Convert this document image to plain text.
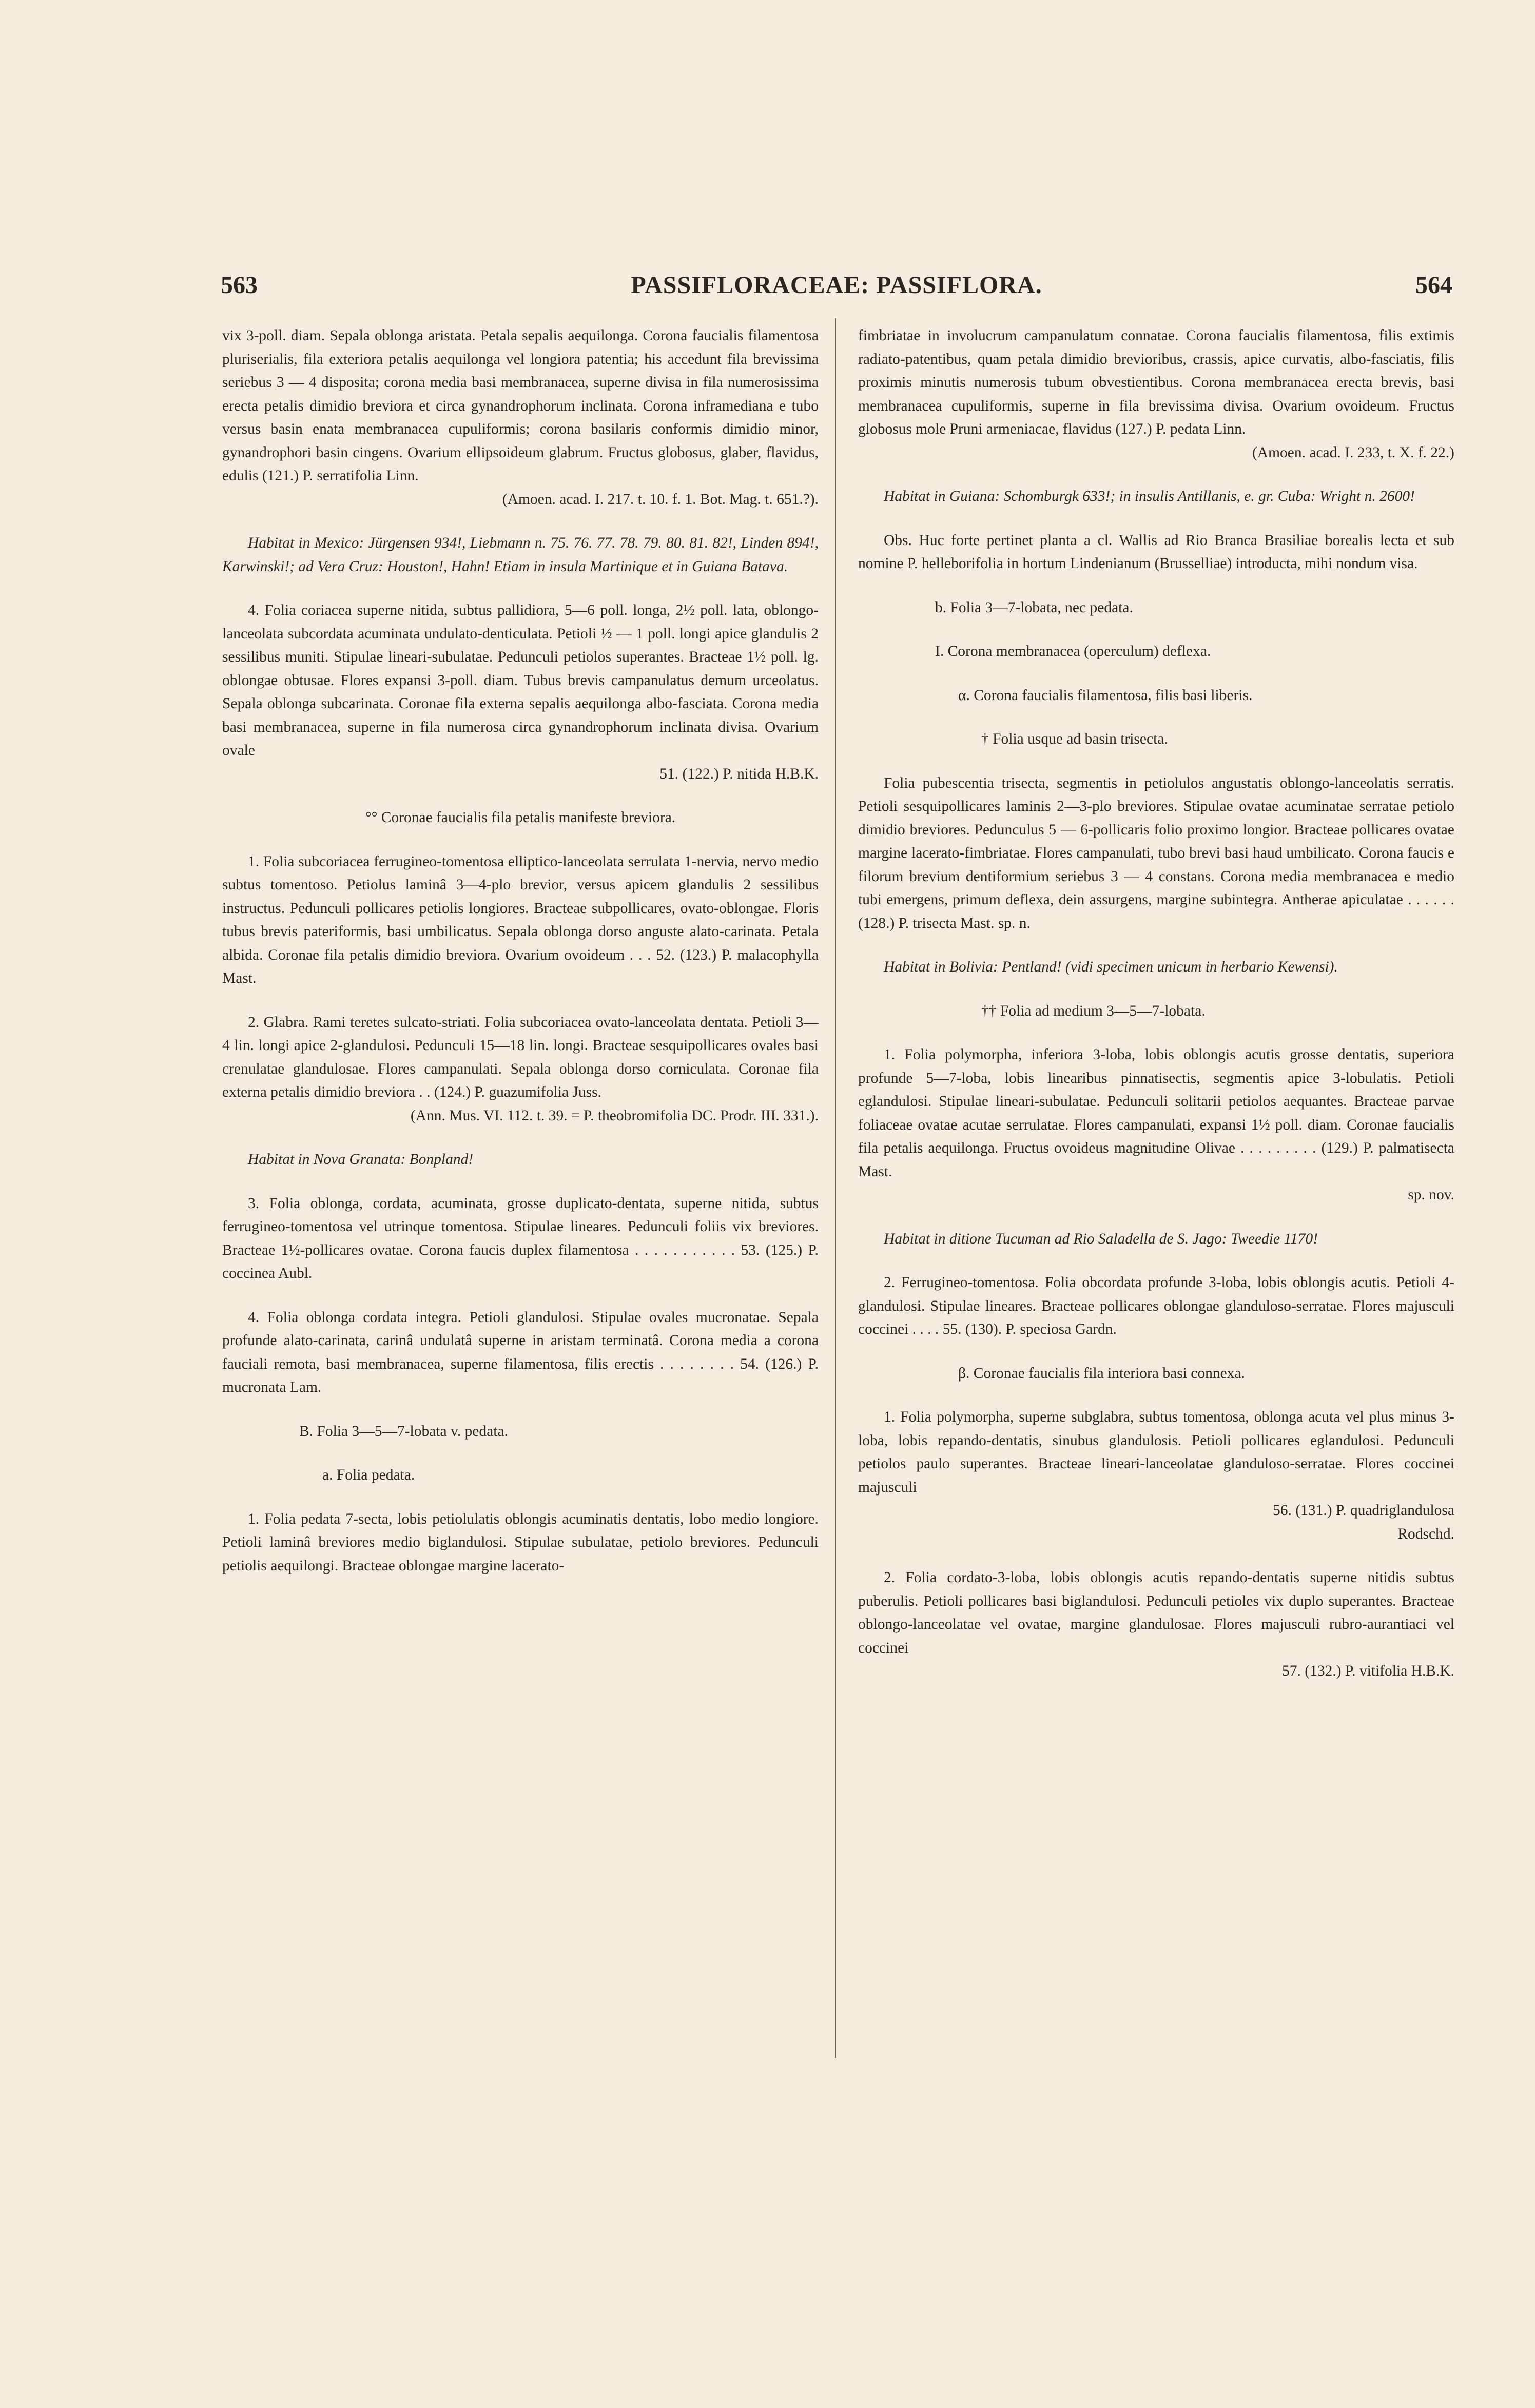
563	PASSIFLORACEAE: PASSIFLORA.	564

vix 3-poll. diam. Sepala oblonga aristata. Petala sepalis aequilonga. Corona faucialis filamentosa pluriserialis, fila exteriora petalis aequilonga vel longiora patentia; his accedunt fila brevissima seriebus 3 — 4 disposita; corona media basi membranacea, superne divisa in fila numerosissima erecta petalis dimidio breviora et circa gynandrophorum inclinata. Corona inframediana e tubo versus basin enata membranacea cupuliformis; corona basilaris conformis dimidio minor, gynandrophori basin cingens. Ovarium ellipsoideum glabrum. Fructus globosus, glaber, flavidus, edulis (121.) P. serratifolia Linn.

(Amoen. acad. I. 217. t. 10. f. 1. Bot. Mag. t. 651.?).

Habitat in Mexico: Jürgensen 934!, Liebmann n. 75. 76. 77. 78. 79. 80. 81. 82!, Linden 894!, Karwinski!; ad Vera Cruz: Houston!, Hahn! Etiam in insula Martinique et in Guiana Batava.

4. Folia coriacea superne nitida, subtus pallidiora, 5—6 poll. longa, 2½ poll. lata, oblongo-lanceolata subcordata acuminata undulato-denticulata. Petioli ½ — 1 poll. longi apice glandulis 2 sessilibus muniti. Stipulae lineari-subulatae. Pedunculi petiolos superantes. Bracteae 1½ poll. lg. oblongae obtusae. Flores expansi 3-poll. diam. Tubus brevis campanulatus demum urceolatus. Sepala oblonga subcarinata. Coronae fila externa sepalis aequilonga albo-fasciata. Corona media basi membranacea, superne in fila numerosa circa gynandrophorum inclinata divisa. Ovarium ovale

51. (122.) P. nitida H.B.K.

°° Coronae faucialis fila petalis manifeste breviora.

1. Folia subcoriacea ferrugineo-tomentosa elliptico-lanceolata serrulata 1-nervia, nervo medio subtus tomentoso. Petiolus laminâ 3—4-plo brevior, versus apicem glandulis 2 sessilibus instructus. Pedunculi pollicares petiolis longiores. Bracteae subpollicares, ovato-oblongae. Floris tubus brevis pateriformis, basi umbilicatus. Sepala oblonga dorso anguste alato-carinata. Petala albida. Coronae fila petalis dimidio breviora. Ovarium ovoideum . . . 52. (123.) P. malacophylla Mast.

2. Glabra. Rami teretes sulcato-striati. Folia subcoriacea ovato-lanceolata dentata. Petioli 3—4 lin. longi apice 2-glandulosi. Pedunculi 15—18 lin. longi. Bracteae sesquipollicares ovales basi crenulatae glandulosae. Flores campanulati. Sepala oblonga dorso corniculata. Coronae fila externa petalis dimidio breviora . . (124.) P. guazumifolia Juss.

(Ann. Mus. VI. 112. t. 39. = P. theobromifolia DC. Prodr. III. 331.).

Habitat in Nova Granata: Bonpland!

3. Folia oblonga, cordata, acuminata, grosse duplicato-dentata, superne nitida, subtus ferrugineo-tomentosa vel utrinque tomentosa. Stipulae lineares. Pedunculi foliis vix breviores. Bracteae 1½-pollicares ovatae. Corona faucis duplex filamentosa . . . . . . . . . . . 53. (125.) P. coccinea Aubl.

4. Folia oblonga cordata integra. Petioli glandulosi. Stipulae ovales mucronatae. Sepala profunde alato-carinata, carinâ undulatâ superne in aristam terminatâ. Corona media a corona fauciali remota, basi membranacea, superne filamentosa, filis erectis . . . . . . . . 54. (126.) P. mucronata Lam.

B. Folia 3—5—7-lobata v. pedata.

a. Folia pedata.

1. Folia pedata 7-secta, lobis petiolulatis oblongis acuminatis dentatis, lobo medio longiore. Petioli laminâ breviores medio biglandulosi. Stipulae subulatae, petiolo breviores. Pedunculi petiolis aequilongi. Bracteae oblongae margine lacerato-

fimbriatae in involucrum campanulatum connatae. Corona faucialis filamentosa, filis extimis radiato-patentibus, quam petala dimidio brevioribus, crassis, apice curvatis, albo-fasciatis, filis proximis minutis numerosis tubum obvestientibus. Corona membranacea erecta brevis, basi membranacea cupuliformis, superne in fila brevissima divisa. Ovarium ovoideum. Fructus globosus mole Pruni armeniacae, flavidus (127.) P. pedata Linn.

(Amoen. acad. I. 233, t. X. f. 22.)

Habitat in Guiana: Schomburgk 633!; in insulis Antillanis, e. gr. Cuba: Wright n. 2600!

Obs. Huc forte pertinet planta a cl. Wallis ad Rio Branca Brasiliae borealis lecta et sub nomine P. helleborifolia in hortum Lindenianum (Brusselliae) introducta, mihi nondum visa.

b. Folia 3—7-lobata, nec pedata.

I. Corona membranacea (operculum) deflexa.

α. Corona faucialis filamentosa, filis basi liberis.

† Folia usque ad basin trisecta.

Folia pubescentia trisecta, segmentis in petiolulos angustatis oblongo-lanceolatis serratis. Petioli sesquipollicares laminis 2—3-plo breviores. Stipulae ovatae acuminatae serratae petiolo dimidio breviores. Pedunculus 5 — 6-pollicaris folio proximo longior. Bracteae pollicares ovatae margine lacerato-fimbriatae. Flores campanulati, tubo brevi basi haud umbilicato. Corona faucis e filorum brevium dentiformium seriebus 3 — 4 constans. Corona media membranacea e medio tubi emergens, primum deflexa, dein assurgens, margine subintegra. Antherae apiculatae . . . . . . (128.) P. trisecta Mast. sp. n.

Habitat in Bolivia: Pentland! (vidi specimen unicum in herbario Kewensi).

†† Folia ad medium 3—5—7-lobata.

1. Folia polymorpha, inferiora 3-loba, lobis oblongis acutis grosse dentatis, superiora profunde 5—7-loba, lobis linearibus pinnatisectis, segmentis apice 3-lobulatis. Petioli eglandulosi. Stipulae lineari-subulatae. Pedunculi solitarii petiolos aequantes. Bracteae parvae foliaceae ovatae acutae serrulatae. Flores campanulati, expansi 1½ poll. diam. Coronae faucialis fila petalis aequilonga. Fructus ovoideus magnitudine Olivae . . . . . . . . . (129.) P. palmatisecta Mast.

sp. nov.

Habitat in ditione Tucuman ad Rio Saladella de S. Jago: Tweedie 1170!

2. Ferrugineo-tomentosa. Folia obcordata profunde 3-loba, lobis oblongis acutis. Petioli 4-glandulosi. Stipulae lineares. Bracteae pollicares oblongae glanduloso-serratae. Flores majusculi coccinei . . . . 55. (130). P. speciosa Gardn.

β. Coronae faucialis fila interiora basi connexa.

1. Folia polymorpha, superne subglabra, subtus tomentosa, oblonga acuta vel plus minus 3-loba, lobis repando-dentatis, sinubus glandulosis. Petioli pollicares eglandulosi. Pedunculi petiolos paulo superantes. Bracteae lineari-lanceolatae glanduloso-serratae. Flores coccinei majusculi

56. (131.) P. quadriglandulosa

Rodschd.

2. Folia cordato-3-loba, lobis oblongis acutis repando-dentatis superne nitidis subtus puberulis. Petioli pollicares basi biglandulosi. Pedunculi petioles vix duplo superantes. Bracteae oblongo-lanceolatae vel ovatae, margine glandulosae. Flores majusculi rubro-aurantiaci vel coccinei

57. (132.) P. vitifolia H.B.K.
